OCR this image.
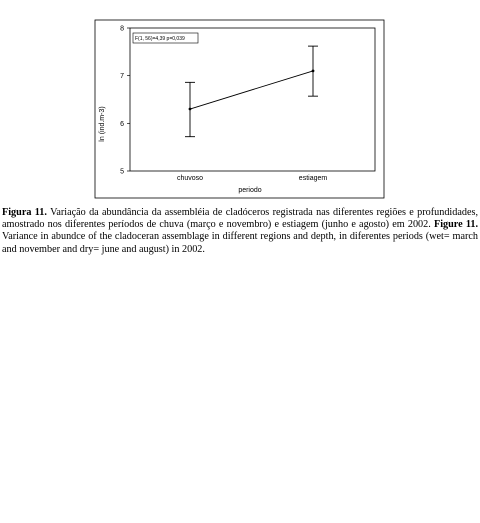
5
6
7
8
chuvoso	estiagem
F(1, 56)=4,39 p=0,039
periodo
ln (ind.m-3)

Figura 11. Variação da abundância da assembléia de cladóceros registrada nas diferentes regiões e profundidades, amostrado nos diferentes períodos de chuva (março e novembro) e estiagem (junho e agosto) em 2002. Figure 11. Variance in abundce of the cladoceran assemblage in different regions and depth, in diferentes periods (wet= march and november and dry= june and august) in 2002.
